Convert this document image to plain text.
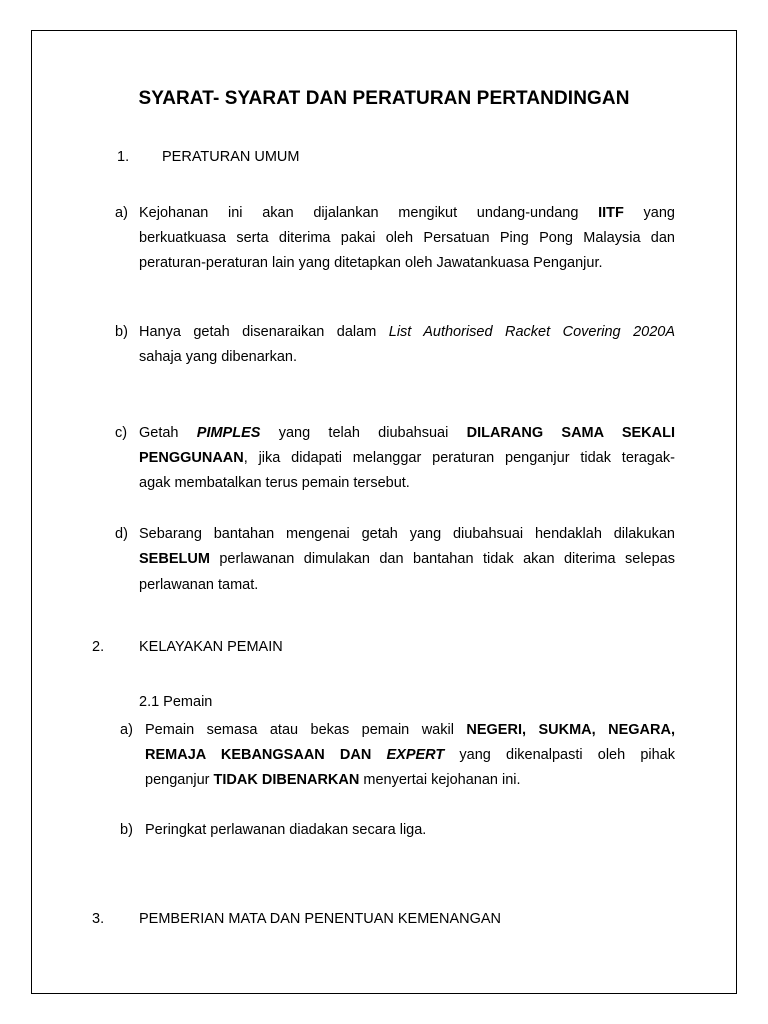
SYARAT- SYARAT DAN PERATURAN PERTANDINGAN
1. PERATURAN UMUM
a) Kejohanan ini akan dijalankan mengikut undang-undang IITF yang
berkuatkuasa serta diterima pakai oleh Persatuan Ping Pong Malaysia dan
peraturan-peraturan lain yang ditetapkan oleh Jawatankuasa Penganjur.
b) Hanya getah disenaraikan dalam List Authorised Racket Covering 2020A
sahaja yang dibenarkan.
c) Getah PIMPLES yang telah diubahsuai DILARANG SAMA SEKALI
PENGGUNAAN, jika didapati melanggar peraturan penganjur tidak teragak-
agak membatalkan terus pemain tersebut.
d) Sebarang bantahan mengenai getah yang diubahsuai hendaklah dilakukan
SEBELUM perlawanan dimulakan dan bantahan tidak akan diterima selepas
perlawanan tamat.
2. KELAYAKAN PEMAIN
2.1 Pemain
a) Pemain semasa atau bekas pemain wakil NEGERI, SUKMA, NEGARA,
REMAJA KEBANGSAAN DAN EXPERT yang dikenalpasti oleh pihak
penganjur TIDAK DIBENARKAN menyertai kejohanan ini.
b) Peringkat perlawanan diadakan secara liga.
3. PEMBERIAN MATA DAN PENENTUAN KEMENANGAN
